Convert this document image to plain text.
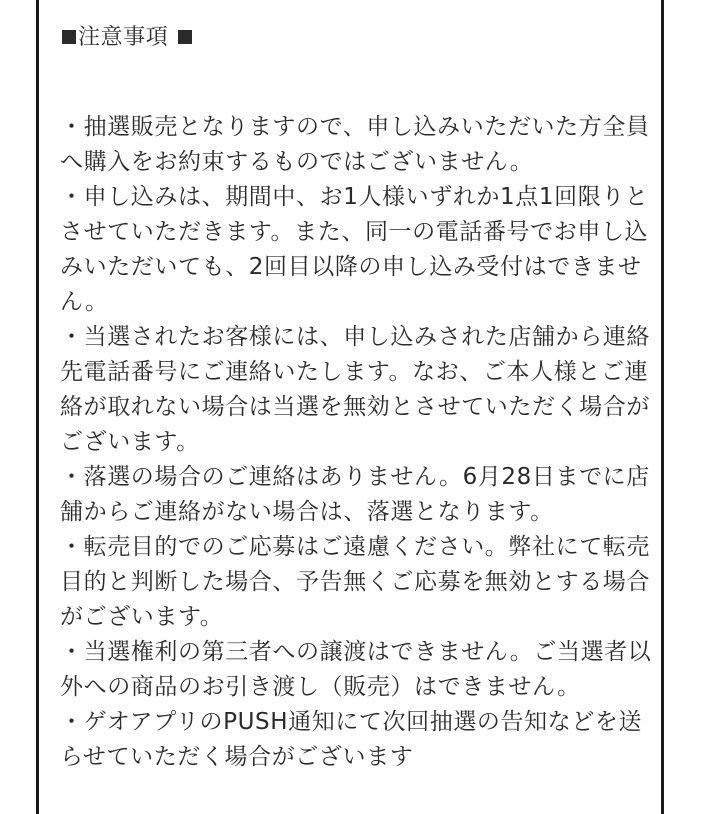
注意事項

・抽選販売となりますので、申し込みいただいた方全員へ購入をお約束するものではございません。

・申し込みは、期間中、お1人様いずれか1点1回限りとさせていただきます。また、同一の電話番号でお申し込みいただいても、2回目以降の申し込み受付はできません。

・当選されたお客様には、申し込みされた店舗から連絡先電話番号にご連絡いたします。なお、ご本人様とご連絡が取れない場合は当選を無効とさせていただく場合がございます。

・落選の場合のご連絡はありません。6月28日までに店舗からご連絡がない場合は、落選となります。

・転売目的でのご応募はご遠慮ください。弊社にて転売目的と判断した場合、予告無くご応募を無効とする場合がございます。

・当選権利の第三者への譲渡はできません。ご当選者以外への商品のお引き渡し（販売）はできません。

・ゲオアプリのPUSH通知にて次回抽選の告知などを送らせていただく場合がございます
